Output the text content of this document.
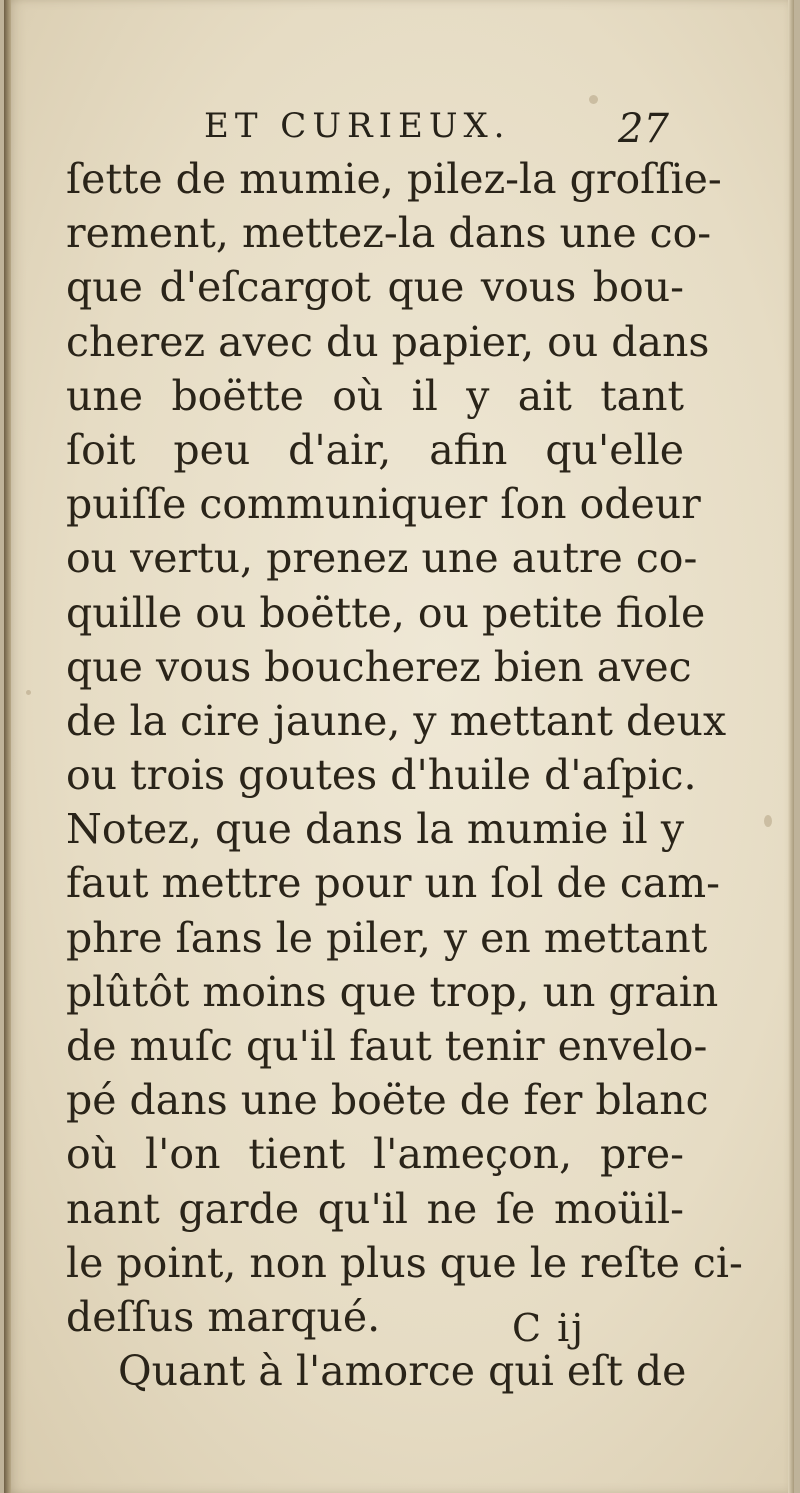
ET CURIEUX.	27
ſette de mumie, pilez-la groſſie-
rement, mettez-la dans une co-
que d'eſcargot que vous bou-
cherez avec du papier, ou dans
une boëtte où il y ait tant
ſoit peu d'air, afin qu'elle
puiſſe communiquer ſon odeur
ou vertu, prenez une autre co-
quille ou boëtte, ou petite fiole
que vous boucherez bien avec
de la cire jaune, y mettant deux
ou trois goutes d'huile d'aſpic.
Notez, que dans la mumie il y
faut mettre pour un ſol de cam-
phre ſans le piler, y en mettant
plûtôt moins que trop, un grain
de muſc qu'il faut tenir envelo-
pé dans une boëte de fer blanc
où l'on tient l'ameçon, pre-
nant garde qu'il ne ſe moüil-
le point, non plus que le reſte ci-
deſſus marqué.
Quant à l'amorce qui eſt de
C ij
